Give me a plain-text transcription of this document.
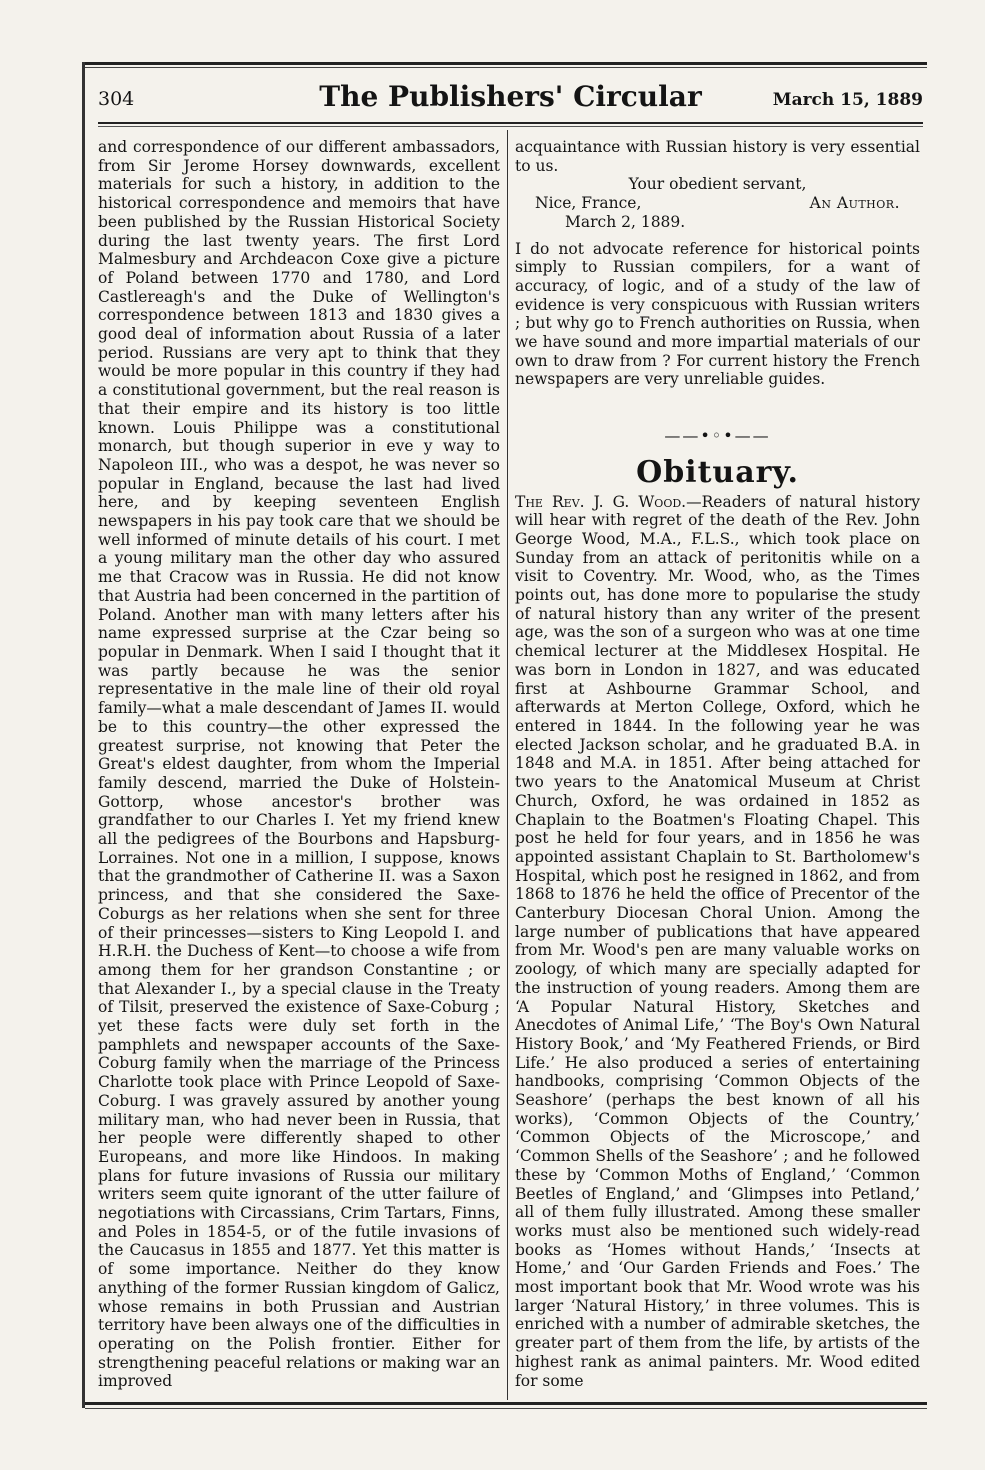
304	The Publishers' Circular	March 15, 1889

and correspondence of our different ambassadors, from Sir Jerome Horsey downwards, excellent materials for such a history, in addition to the historical correspondence and memoirs that have been published by the Russian Historical Society during the last twenty years. The first Lord Malmesbury and Archdeacon Coxe give a picture of Poland between 1770 and 1780, and Lord Castlereagh's and the Duke of Wellington's correspondence between 1813 and 1830 gives a good deal of information about Russia of a later period. Russians are very apt to think that they would be more popular in this country if they had a constitutional government, but the real reason is that their empire and its history is too little known. Louis Philippe was a constitutional monarch, but though superior in eve y way to Napoleon III., who was a despot, he was never so popular in England, because the last had lived here, and by keeping seventeen English newspapers in his pay took care that we should be well informed of minute details of his court. I met a young military man the other day who assured me that Cracow was in Russia. He did not know that Austria had been concerned in the partition of Poland. Another man with many letters after his name expressed surprise at the Czar being so popular in Denmark. When I said I thought that it was partly because he was the senior representative in the male line of their old royal family—what a male descendant of James II. would be to this country—the other expressed the greatest surprise, not knowing that Peter the Great's eldest daughter, from whom the Imperial family descend, married the Duke of Holstein-Gottorp, whose ancestor's brother was grandfather to our Charles I. Yet my friend knew all the pedigrees of the Bourbons and Hapsburg-Lorraines. Not one in a million, I suppose, knows that the grandmother of Catherine II. was a Saxon princess, and that she considered the Saxe-Coburgs as her relations when she sent for three of their princesses—sisters to King Leopold I. and H.R.H. the Duchess of Kent—to choose a wife from among them for her grandson Constantine ; or that Alexander I., by a special clause in the Treaty of Tilsit, preserved the existence of Saxe-Coburg ; yet these facts were duly set forth in the pamphlets and newspaper accounts of the Saxe-Coburg family when the marriage of the Princess Charlotte took place with Prince Leopold of Saxe-Coburg. I was gravely assured by another young military man, who had never been in Russia, that her people were differently shaped to other Europeans, and more like Hindoos. In making plans for future invasions of Russia our military writers seem quite ignorant of the utter failure of negotiations with Circassians, Crim Tartars, Finns, and Poles in 1854-5, or of the futile invasions of the Caucasus in 1855 and 1877. Yet this matter is of some importance. Neither do they know anything of the former Russian kingdom of Galicz, whose remains in both Prussian and Austrian territory have been always one of the difficulties in operating on the Polish frontier. Either for strengthening peaceful relations or making war an improved

acquaintance with Russian history is very essential to us.

Your obedient servant,

Nice, France,	An Author.

March 2, 1889.

I do not advocate reference for historical points simply to Russian compilers, for a want of accuracy, of logic, and of a study of the law of evidence is very conspicuous with Russian writers ; but why go to French authorities on Russia, when we have sound and more impartial materials of our own to draw from ? For current history the French newspapers are very unreliable guides.

——•◦•——
Obituary.

The Rev. J. G. Wood.—Readers of natural history will hear with regret of the death of the Rev. John George Wood, M.A., F.L.S., which took place on Sunday from an attack of peritonitis while on a visit to Coventry. Mr. Wood, who, as the Times points out, has done more to popularise the study of natural history than any writer of the present age, was the son of a surgeon who was at one time chemical lecturer at the Middlesex Hospital. He was born in London in 1827, and was educated first at Ashbourne Grammar School, and afterwards at Merton College, Oxford, which he entered in 1844. In the following year he was elected Jackson scholar, and he graduated B.A. in 1848 and M.A. in 1851. After being attached for two years to the Anatomical Museum at Christ Church, Oxford, he was ordained in 1852 as Chaplain to the Boatmen's Floating Chapel. This post he held for four years, and in 1856 he was appointed assistant Chaplain to St. Bartholomew's Hospital, which post he resigned in 1862, and from 1868 to 1876 he held the office of Precentor of the Canterbury Diocesan Choral Union. Among the large number of publications that have appeared from Mr. Wood's pen are many valuable works on zoology, of which many are specially adapted for the instruction of young readers. Among them are ‘A Popular Natural History, Sketches and Anecdotes of Animal Life,’ ‘The Boy's Own Natural History Book,’ and ‘My Feathered Friends, or Bird Life.’ He also produced a series of entertaining handbooks, comprising ‘Common Objects of the Seashore’ (perhaps the best known of all his works), ‘Common Objects of the Country,’ ‘Common Objects of the Microscope,’ and ‘Common Shells of the Seashore’ ; and he followed these by ‘Common Moths of England,’ ‘Common Beetles of England,’ and ‘Glimpses into Petland,’ all of them fully illustrated. Among these smaller works must also be mentioned such widely-read books as ‘Homes without Hands,’ ‘Insects at Home,’ and ‘Our Garden Friends and Foes.’ The most important book that Mr. Wood wrote was his larger ‘Natural History,’ in three volumes. This is enriched with a number of admirable sketches, the greater part of them from the life, by artists of the highest rank as animal painters. Mr. Wood edited for some
